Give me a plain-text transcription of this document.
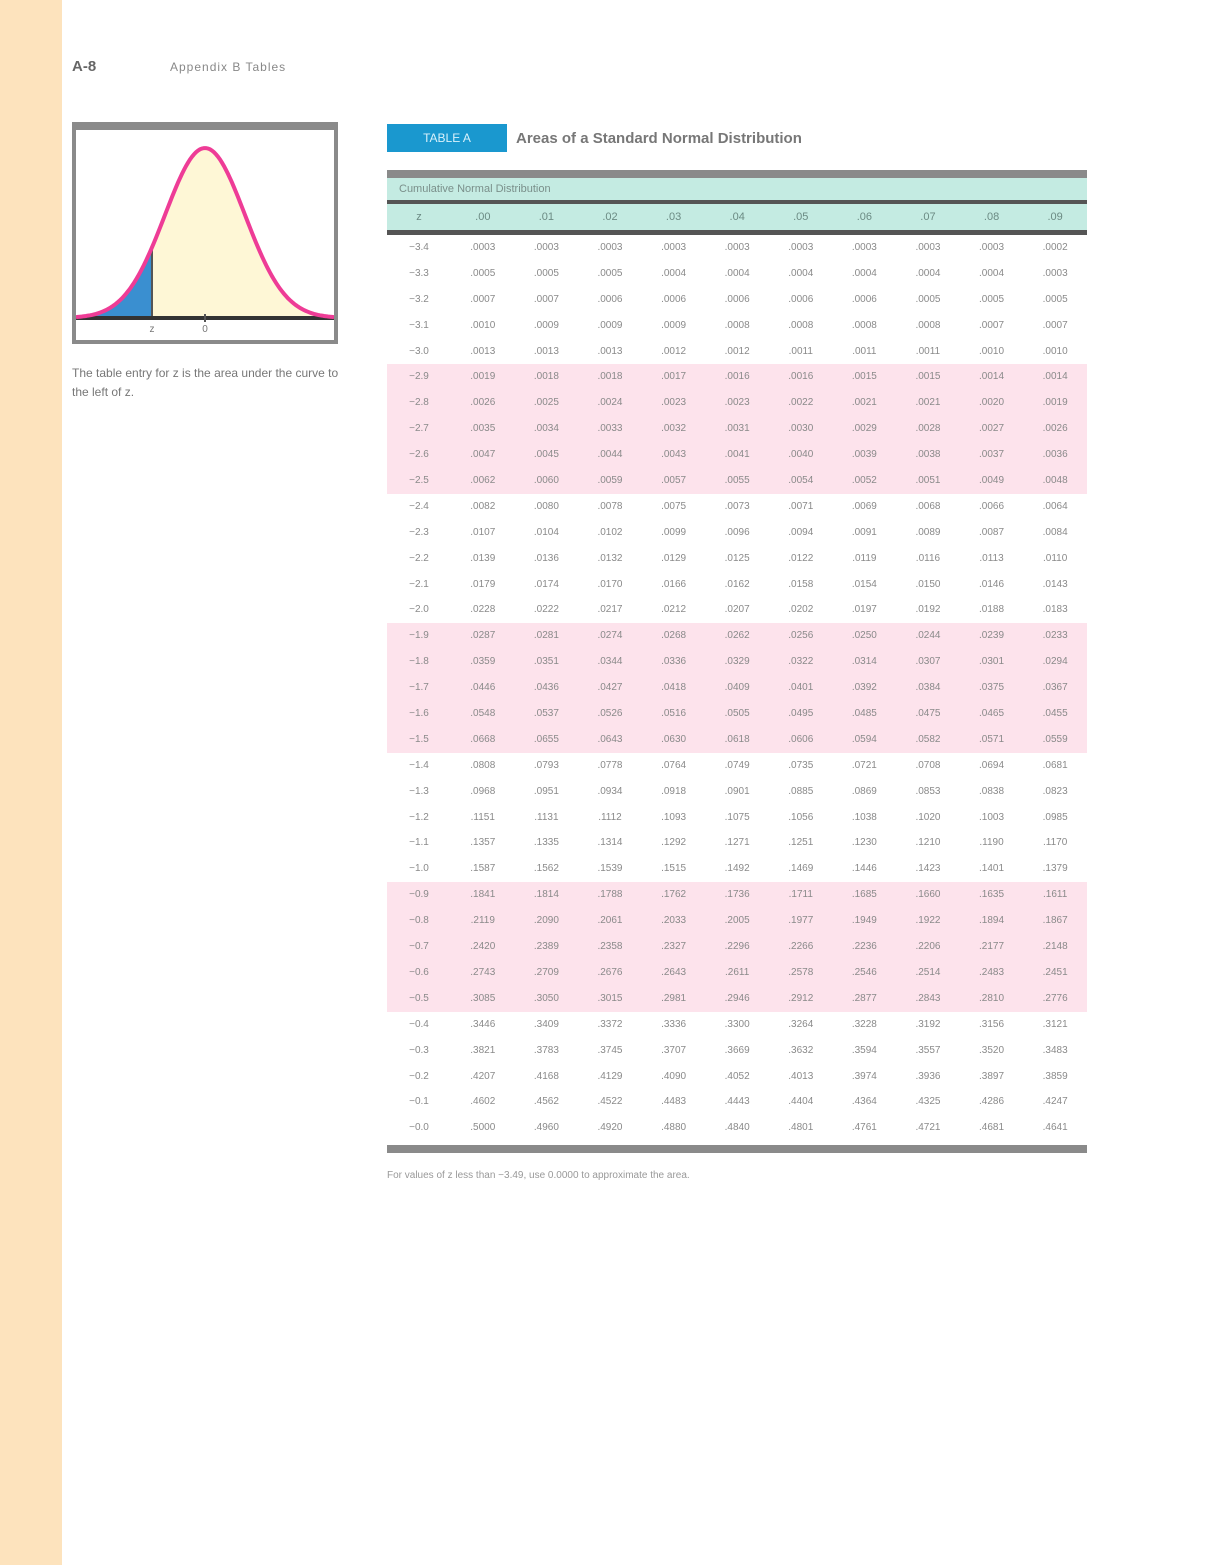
A-8	Appendix B Tables
z	0
The table entry for z is the area under the curve to the left of z.
TABLE A	Areas of a Standard Normal Distribution
Cumulative Normal Distribution
z	.00	.01	.02	.03	.04	.05	.06	.07	.08	.09
−3.4	.0003	.0003	.0003	.0003	.0003	.0003	.0003	.0003	.0003	.0002
−3.3	.0005	.0005	.0005	.0004	.0004	.0004	.0004	.0004	.0004	.0003
−3.2	.0007	.0007	.0006	.0006	.0006	.0006	.0006	.0005	.0005	.0005
−3.1	.0010	.0009	.0009	.0009	.0008	.0008	.0008	.0008	.0007	.0007
−3.0	.0013	.0013	.0013	.0012	.0012	.0011	.0011	.0011	.0010	.0010
−2.9	.0019	.0018	.0018	.0017	.0016	.0016	.0015	.0015	.0014	.0014
−2.8	.0026	.0025	.0024	.0023	.0023	.0022	.0021	.0021	.0020	.0019
−2.7	.0035	.0034	.0033	.0032	.0031	.0030	.0029	.0028	.0027	.0026
−2.6	.0047	.0045	.0044	.0043	.0041	.0040	.0039	.0038	.0037	.0036
−2.5	.0062	.0060	.0059	.0057	.0055	.0054	.0052	.0051	.0049	.0048
−2.4	.0082	.0080	.0078	.0075	.0073	.0071	.0069	.0068	.0066	.0064
−2.3	.0107	.0104	.0102	.0099	.0096	.0094	.0091	.0089	.0087	.0084
−2.2	.0139	.0136	.0132	.0129	.0125	.0122	.0119	.0116	.0113	.0110
−2.1	.0179	.0174	.0170	.0166	.0162	.0158	.0154	.0150	.0146	.0143
−2.0	.0228	.0222	.0217	.0212	.0207	.0202	.0197	.0192	.0188	.0183
−1.9	.0287	.0281	.0274	.0268	.0262	.0256	.0250	.0244	.0239	.0233
−1.8	.0359	.0351	.0344	.0336	.0329	.0322	.0314	.0307	.0301	.0294
−1.7	.0446	.0436	.0427	.0418	.0409	.0401	.0392	.0384	.0375	.0367
−1.6	.0548	.0537	.0526	.0516	.0505	.0495	.0485	.0475	.0465	.0455
−1.5	.0668	.0655	.0643	.0630	.0618	.0606	.0594	.0582	.0571	.0559
−1.4	.0808	.0793	.0778	.0764	.0749	.0735	.0721	.0708	.0694	.0681
−1.3	.0968	.0951	.0934	.0918	.0901	.0885	.0869	.0853	.0838	.0823
−1.2	.1151	.1131	.1112	.1093	.1075	.1056	.1038	.1020	.1003	.0985
−1.1	.1357	.1335	.1314	.1292	.1271	.1251	.1230	.1210	.1190	.1170
−1.0	.1587	.1562	.1539	.1515	.1492	.1469	.1446	.1423	.1401	.1379
−0.9	.1841	.1814	.1788	.1762	.1736	.1711	.1685	.1660	.1635	.1611
−0.8	.2119	.2090	.2061	.2033	.2005	.1977	.1949	.1922	.1894	.1867
−0.7	.2420	.2389	.2358	.2327	.2296	.2266	.2236	.2206	.2177	.2148
−0.6	.2743	.2709	.2676	.2643	.2611	.2578	.2546	.2514	.2483	.2451
−0.5	.3085	.3050	.3015	.2981	.2946	.2912	.2877	.2843	.2810	.2776
−0.4	.3446	.3409	.3372	.3336	.3300	.3264	.3228	.3192	.3156	.3121
−0.3	.3821	.3783	.3745	.3707	.3669	.3632	.3594	.3557	.3520	.3483
−0.2	.4207	.4168	.4129	.4090	.4052	.4013	.3974	.3936	.3897	.3859
−0.1	.4602	.4562	.4522	.4483	.4443	.4404	.4364	.4325	.4286	.4247
−0.0	.5000	.4960	.4920	.4880	.4840	.4801	.4761	.4721	.4681	.4641
For values of z less than −3.49, use 0.0000 to approximate the area.
